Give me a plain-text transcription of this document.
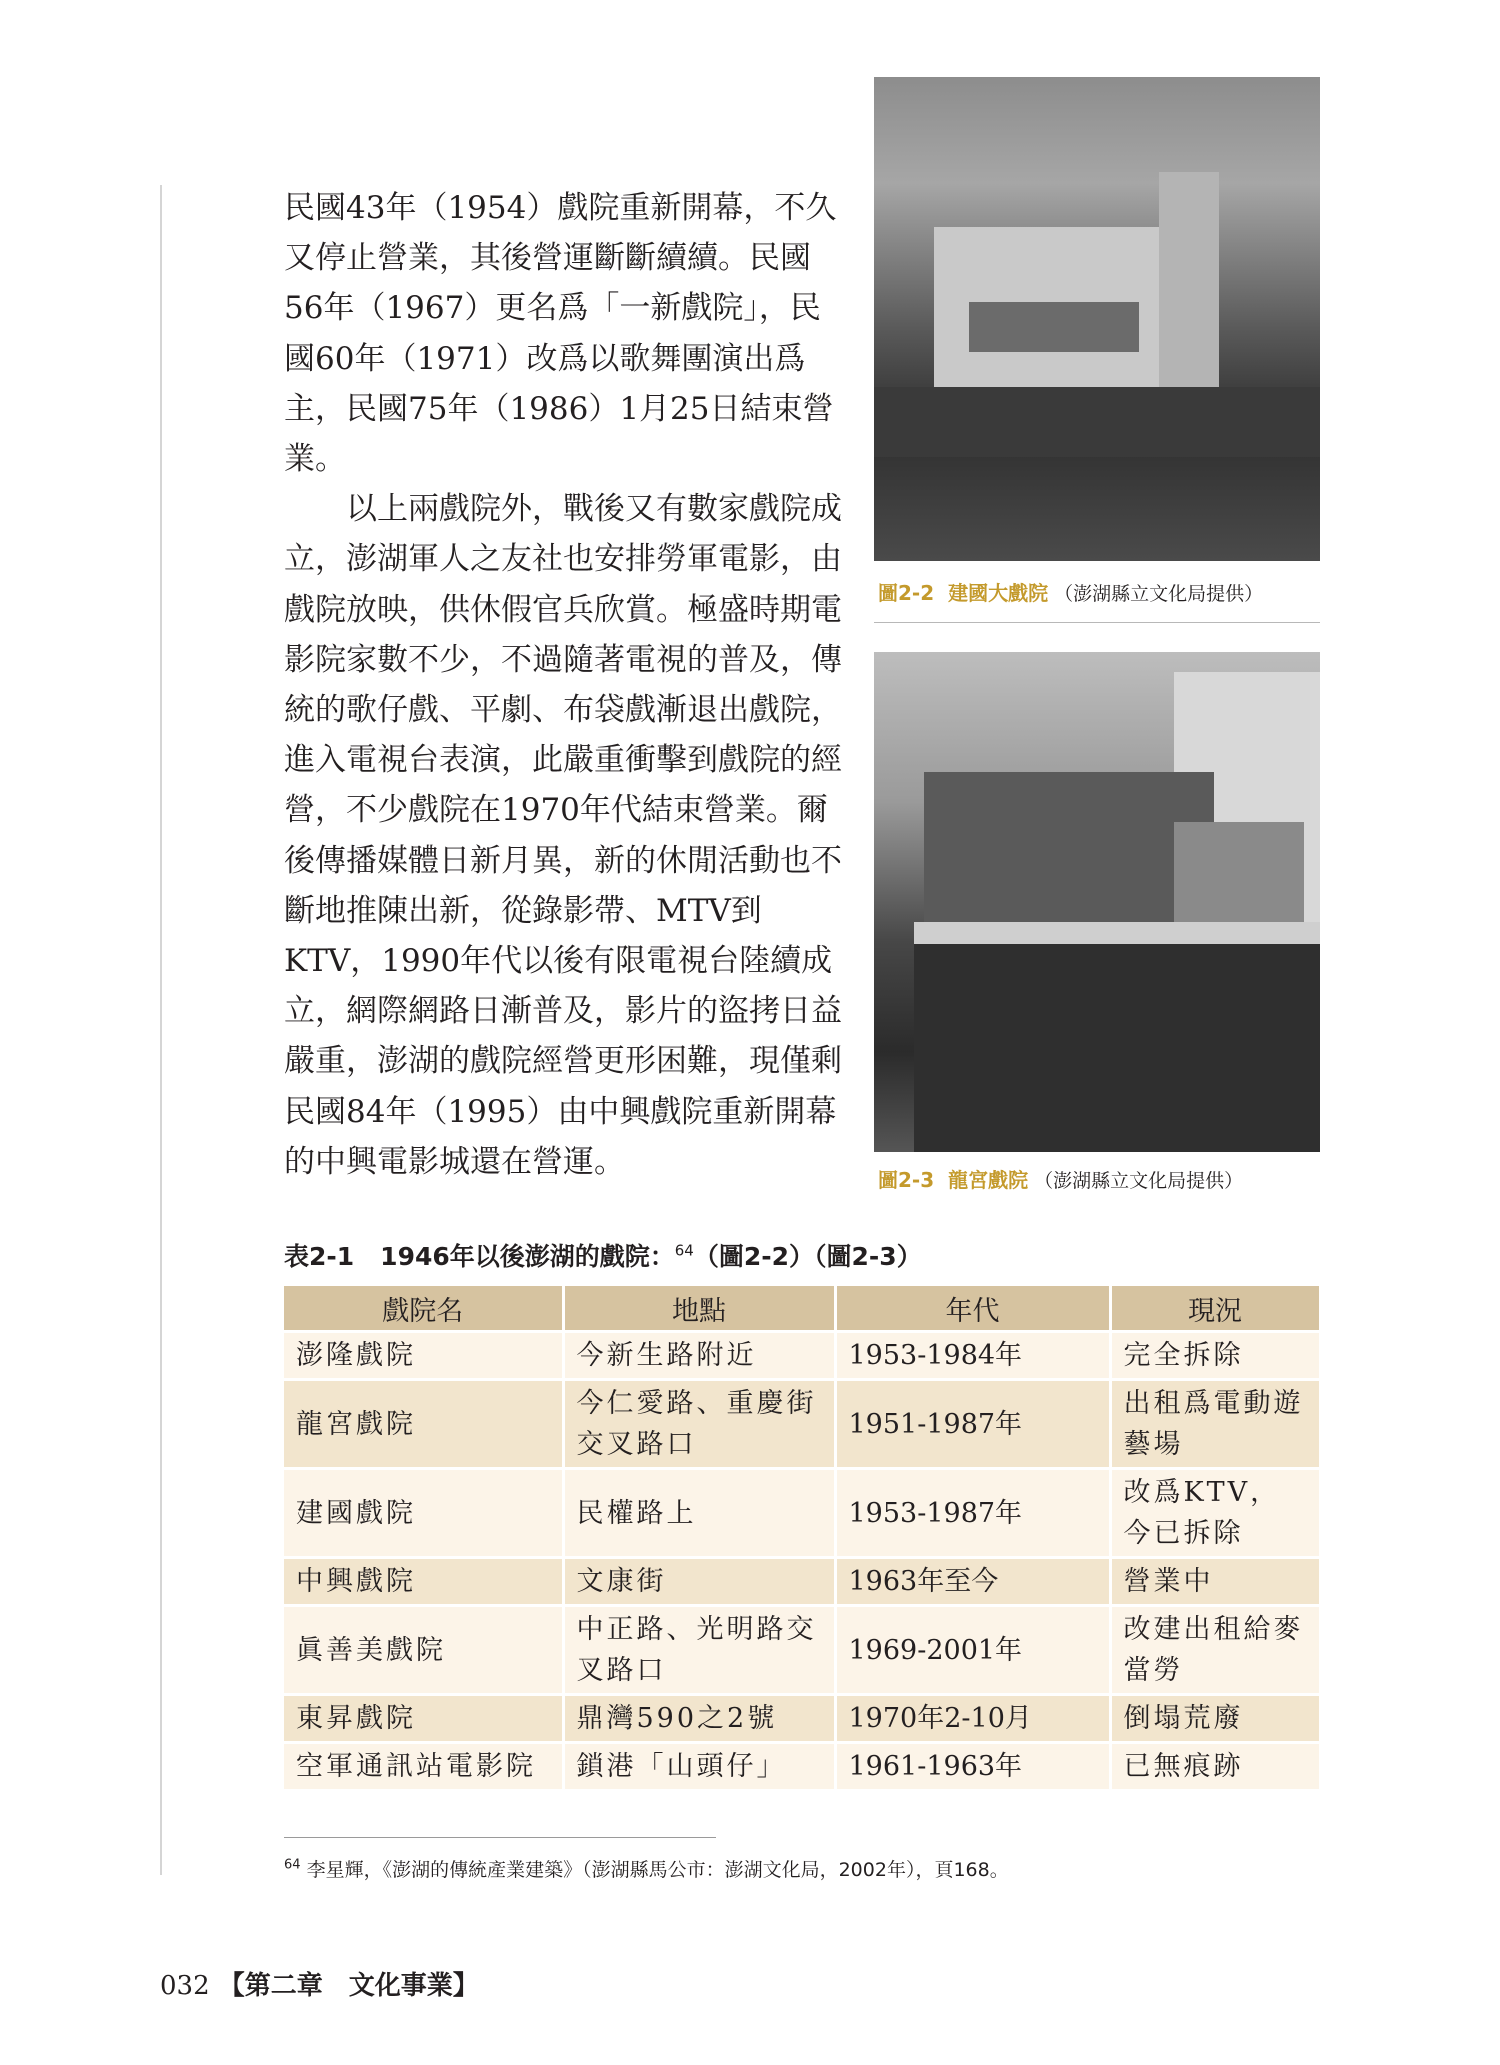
民國43年（1954）戲院重新開幕，不久又停止營業，其後營運斷斷續續。民國56年（1967）更名爲「一新戲院」，民國60年（1971）改爲以歌舞團演出爲主，民國75年（1986）1月25日結束營業。

以上兩戲院外，戰後又有數家戲院成立，澎湖軍人之友社也安排勞軍電影，由戲院放映，供休假官兵欣賞。極盛時期電影院家數不少，不過隨著電視的普及，傳統的歌仔戲、平劇、布袋戲漸退出戲院，進入電視台表演，此嚴重衝擊到戲院的經營，不少戲院在1970年代結束營業。爾後傳播媒體日新月異，新的休閒活動也不斷地推陳出新，從錄影帶、MTV到KTV，1990年代以後有限電視台陸續成立，網際網路日漸普及，影片的盜拷日益嚴重，澎湖的戲院經營更形困難，現僅剩民國84年（1995）由中興戲院重新開幕的中興電影城還在營運。

圖2-2 建國大戲院 （澎湖縣立文化局提供）
圖2-3 龍宮戲院 （澎湖縣立文化局提供）
表2-1 1946年以後澎湖的戲院：$^{64}$（圖2-2）（圖2-3）
戲院名	地點	年代	現況
澎隆戲院	今新生路附近	1953-1984年	完全拆除
龍宮戲院	今仁愛路、重慶街交叉路口	1951-1987年	出租爲電動遊藝場
建國戲院	民權路上	1953-1987年	改爲KTV，今已拆除
中興戲院	文康街	1963年至今	營業中
眞善美戲院	中正路、光明路交叉路口	1969-2001年	改建出租給麥當勞
東昇戲院	鼎灣590之2號	1970年2-10月	倒塌荒廢
空軍通訊站電影院	鎖港「山頭仔」	1961-1963年	已無痕跡
$^{64}$ 李星輝，《澎湖的傳統產業建築》（澎湖縣馬公市：澎湖文化局，2002年），頁168。
032 【第二章　文化事業】
